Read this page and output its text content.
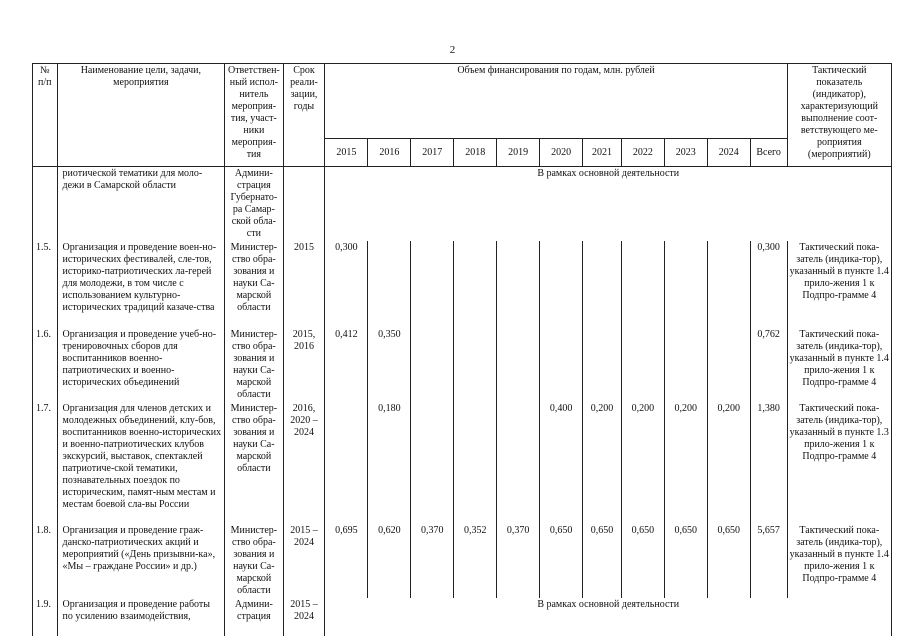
2
№ п/п	Наименование цели, задачи, мероприятия	Ответствен-ный испол-нитель мероприя-тия, участ-ники мероприя-тия	Срок реали-зации, годы	Объем финансирования по годам, млн. рублей											Тактический показатель (индикатор), характеризующий выполнение соот-ветствующего ме-роприятия (мероприятий)
				2015	2016	2017	2018	2019	2020	2021	2022	2023	2024	Всего	
	риотической тематики для моло-дежи в Самарской области	Админи-страция Губернато-ра Самар-ской обла-сти		В рамках основной деятельности											
1.5.	Организация и проведение воен-но-исторических фестивалей, сле-тов, историко-патриотических ла-герей для молодежи, в том числе с использованием культурно-исторических традиций казаче-ства	Министер-ство обра-зования и науки Са-марской области	2015	0,300										0,300	Тактический пока-затель (индика-тор), указанный в пункте 1.4 прило-жения 1 к Подпро-грамме 4
1.6.	Организация и проведение учеб-но-тренировочных сборов для воспитанников военно-патриотических и военно-исторических объединений	Министер-ство обра-зования и науки Са-марской области	2015, 2016	0,412	0,350									0,762	Тактический пока-затель (индика-тор), указанный в пункте 1.4 прило-жения 1 к Подпро-грамме 4
1.7.	Организация для членов детских и молодежных объединений, клу-бов, воспитанников военно-исторических и военно-патриотических клубов экскурсий, выставок, спектаклей патриотиче-ской тематики, познавательных поездок по историческим, памят-ным местам и местам боевой сла-вы России	Министер-ство обра-зования и науки Са-марской области	2016, 2020 – 2024		0,180				0,400	0,200	0,200	0,200	0,200	1,380	Тактический пока-затель (индика-тор), указанный в пункте 1.3 прило-жения 1 к Подпро-грамме 4
1.8.	Организация и проведение граж-данско-патриотических акций и мероприятий («День призывни-ка», «Мы – граждане России» и др.)	Министер-ство обра-зования и науки Са-марской области	2015 – 2024	0,695	0,620	0,370	0,352	0,370	0,650	0,650	0,650	0,650	0,650	5,657	Тактический пока-затель (индика-тор), указанный в пункте 1.4 прило-жения 1 к Подпро-грамме 4
1.9.	Организация и проведение работы по усилению взаимодействия,	Админи-страция	2015 – 2024	В рамках основной деятельности											
